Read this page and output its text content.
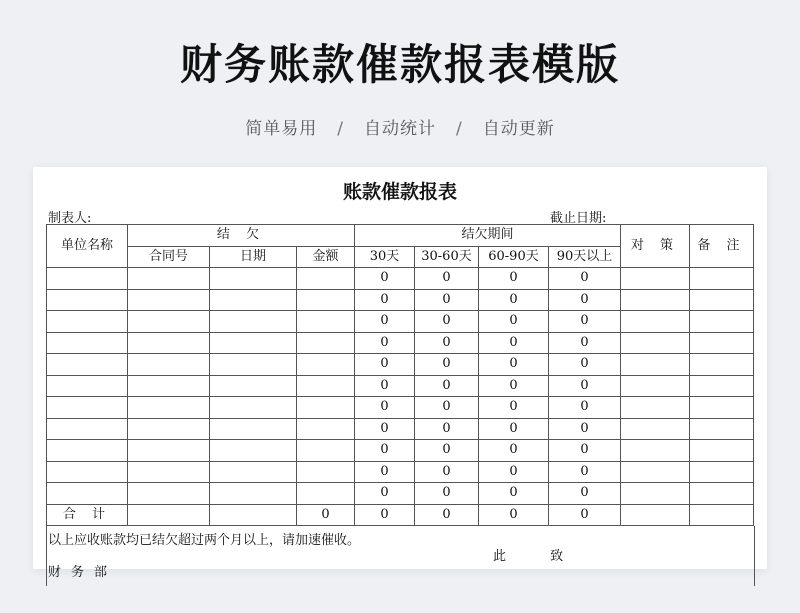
财务账款催款报表模版
简单易用 / 自动统计 / 自动更新
账款催款报表
制表人:	截止日期:
单位名称	结 欠			结欠期间				对 策	备 注
	合同号	日期	金额	30天	30-60天	60-90天	90天以上		
				0	0	0	0		
				0	0	0	0		
				0	0	0	0		
				0	0	0	0		
				0	0	0	0		
				0	0	0	0		
				0	0	0	0		
				0	0	0	0		
				0	0	0	0		
				0	0	0	0		
				0	0	0	0		
合 计			0	0	0	0	0		
以上应收账款均已结欠超过两个月以上，请加速催收。
此 致
财务部
